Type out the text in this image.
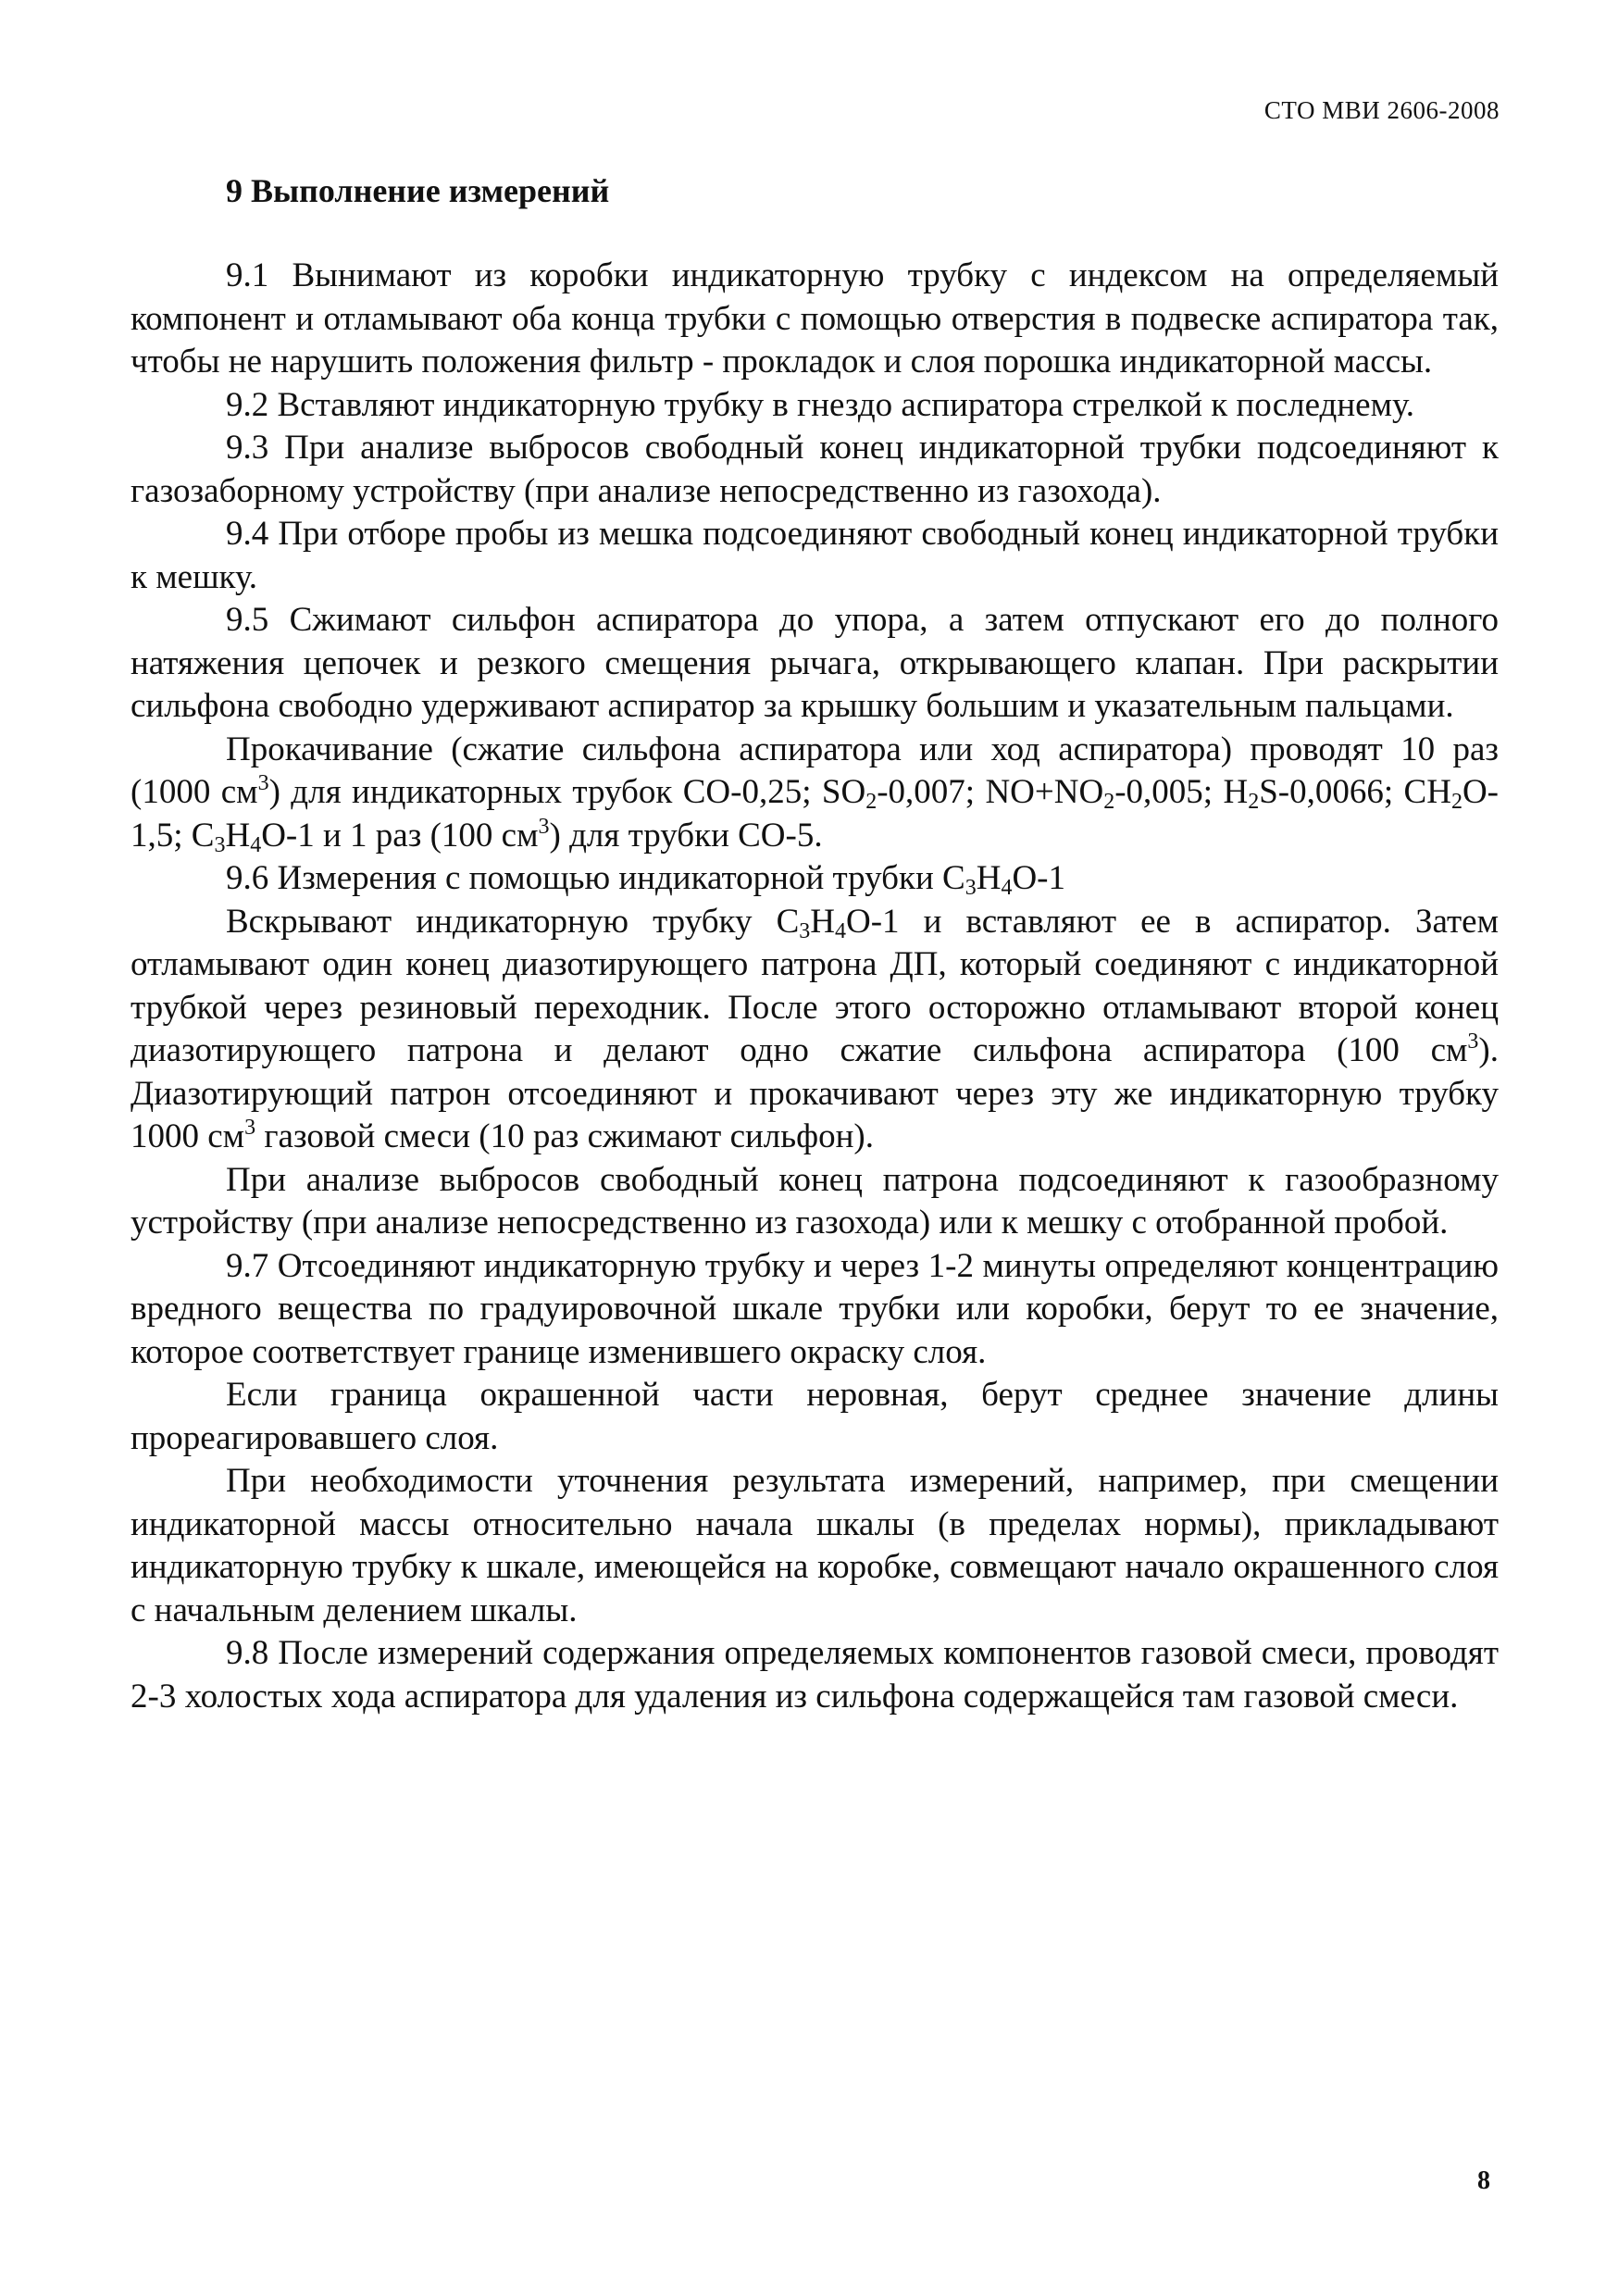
СТО МВИ 2606-2008
9 Выполнение измерений

9.1 Вынимают из коробки индикаторную трубку с индексом на определяемый компонент и отламывают оба конца трубки с помощью отверстия в подвеске аспиратора так, чтобы не нарушить положения фильтр - прокладок и слоя порошка индикаторной массы.

9.2 Вставляют индикаторную трубку в гнездо аспиратора стрелкой к последнему.

9.3 При анализе выбросов свободный конец индикаторной трубки подсоединяют к газозаборному устройству (при анализе непосредственно из газохода).

9.4 При отборе пробы из мешка подсоединяют свободный конец индикаторной трубки к мешку.

9.5 Сжимают сильфон аспиратора до упора, а затем отпускают его до полного натяжения цепочек и резкого смещения рычага, открывающего клапан. При раскрытии сильфона свободно удерживают аспиратор за крышку большим и указательным пальцами.

Прокачивание (сжатие сильфона аспиратора или ход аспиратора) проводят 10 раз (1000 $см^3$) для индикаторных трубок СО-0,25; $SO_2-0,007$; $NO+NO_2-0,005$; $H_2S-0,0066$; $CH_2O-1,5$; $C_3H_4O-1$ и 1 раз (100 $см^3$) для трубки СО-5.

9.6 Измерения с помощью индикаторной трубки $C_3H_4O-1$

Вскрывают индикаторную трубку $C_3H_4O-1$ и вставляют ее в аспиратор. Затем отламывают один конец диазотирующего патрона ДП, который соединяют с индикаторной трубкой через резиновый переходник. После этого осторожно отламывают второй конец диазотирующего патрона и делают одно сжатие сильфона аспиратора (100 $см^3$). Диазотирующий патрон отсоединяют и прокачивают через эту же индикаторную трубку 1000 $см^3$ газовой смеси (10 раз сжимают сильфон).

При анализе выбросов свободный конец патрона подсоединяют к газообразному устройству (при анализе непосредственно из газохода) или к мешку с отобранной пробой.

9.7 Отсоединяют индикаторную трубку и через 1-2 минуты определяют концентрацию вредного вещества по градуировочной шкале трубки или коробки, берут то ее значение, которое соответствует границе изменившего окраску слоя.

Если граница окрашенной части неровная, берут среднее значение длины прореагировавшего слоя.

При необходимости уточнения результата измерений, например, при смещении индикаторной массы относительно начала шкалы (в пределах нормы), прикладывают индикаторную трубку к шкале, имеющейся на коробке, совмещают начало окрашенного слоя с начальным делением шкалы.

9.8 После измерений содержания определяемых компонентов газовой смеси, проводят 2-3 холостых хода аспиратора для удаления из сильфона содержащейся там газовой смеси.

8
